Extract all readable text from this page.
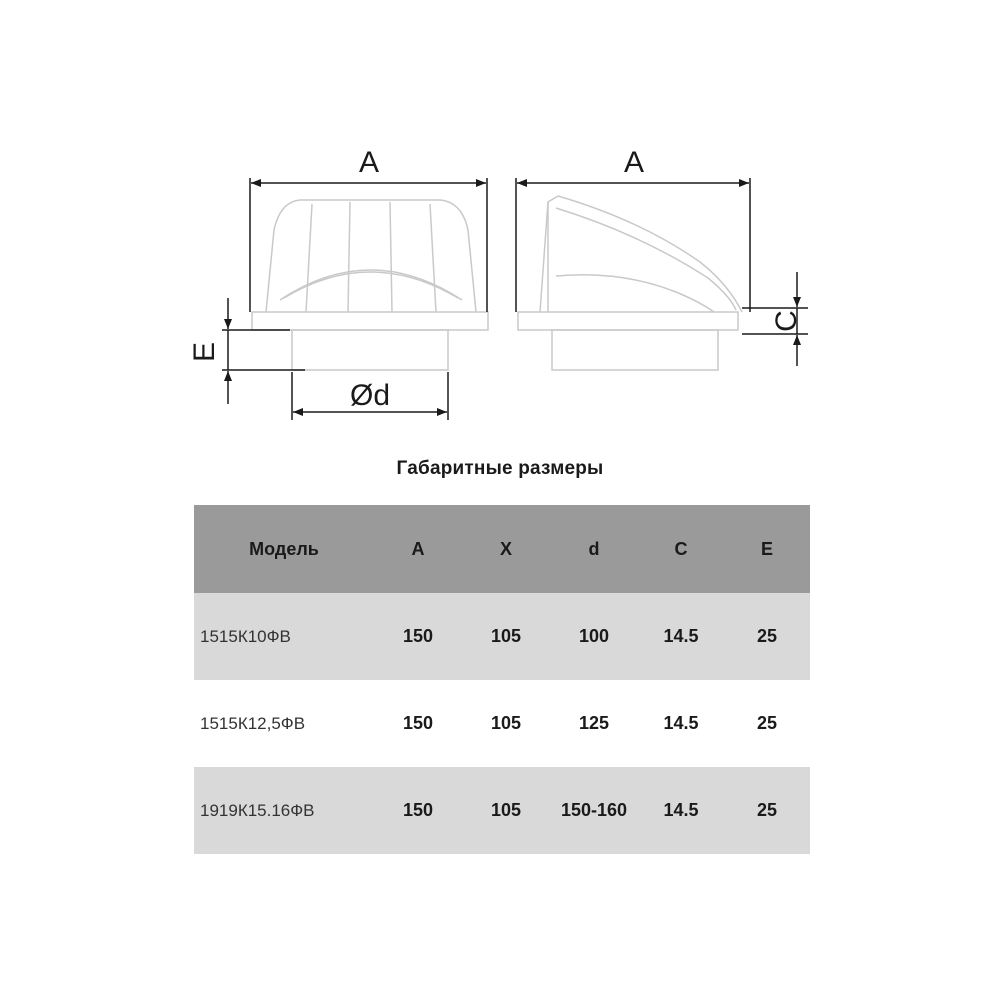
A	A
Ød
E
C
Габаритные размеры
Модель	A	X	d	C	E
1515К10ФВ	150	105	100	14.5	25
1515К12,5ФВ	150	105	125	14.5	25
1919К15.16ФВ	150	105	150-160	14.5	25
